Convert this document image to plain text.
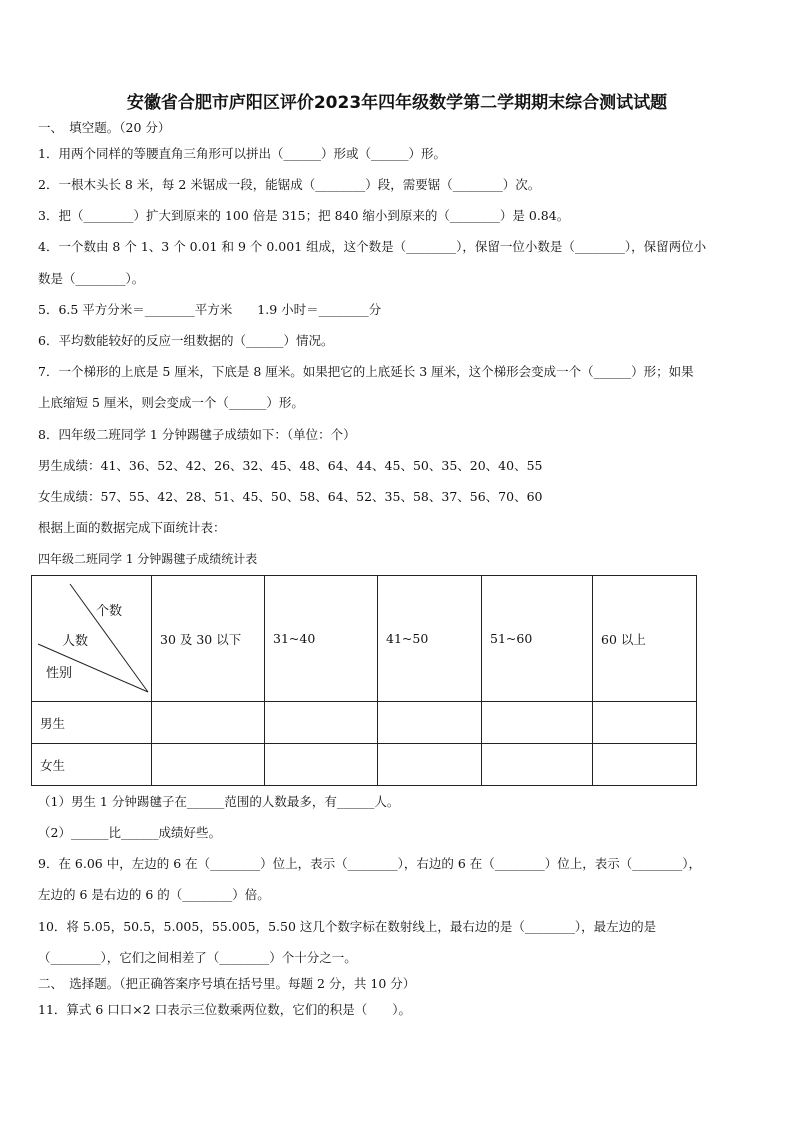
安徽省合肥市庐阳区评价2023年四年级数学第二学期期末综合测试试题
一、　填空题。（20 分）
1．用两个同样的等腰直角三角形可以拼出（______）形或（______）形。
2．一根木头长 8 米，每 2 米锯成一段，能锯成（________）段，需要锯（________）次。
3．把（________）扩大到原来的 100 倍是 315；把 840 缩小到原来的（________）是 0.84。
4．一个数由 8 个 1、3 个 0.01 和 9 个 0.001 组成，这个数是（________），保留一位小数是（________），保留两位小
数是（________）。
5．6.5 平方分米＝________平方米　　1.9 小时＝________分
6．平均数能较好的反应一组数据的（______）情况。
7．一个梯形的上底是 5 厘米，下底是 8 厘米。如果把它的上底延长 3 厘米，这个梯形会变成一个（______）形；如果
上底缩短 5 厘米，则会变成一个（______）形。
8．四年级二班同学 1 分钟踢毽子成绩如下：（单位：个）
男生成绩：41、36、52、42、26、32、45、48、64、44、45、50、35、20、40、55
女生成绩：57、55、42、28、51、45、50、58、64、52、35、58、37、56、70、60
根据上面的数据完成下面统计表：
四年级二班同学 1 分钟踢毽子成绩统计表
个数
人数
性别	30 及 30 以下	31~40	41~50	51~60	60 以上
男生					
女生					
（1）男生 1 分钟踢毽子在______范围的人数最多，有______人。
（2）______比______成绩好些。
9．在 6.06 中，左边的 6 在（________）位上，表示（________），右边的 6 在（________）位上，表示（________），
左边的 6 是右边的 6 的（________）倍。
10．将 5.05，50.5，5.005，55.005，5.50 这几个数字标在数射线上，最右边的是（________），最左边的是
（________），它们之间相差了（________）个十分之一。
二、　选择题。（把正确答案序号填在括号里。每题 2 分，共 10 分）
11．算式 6 口口×2 口表示三位数乘两位数，它们的积是（　　）。
